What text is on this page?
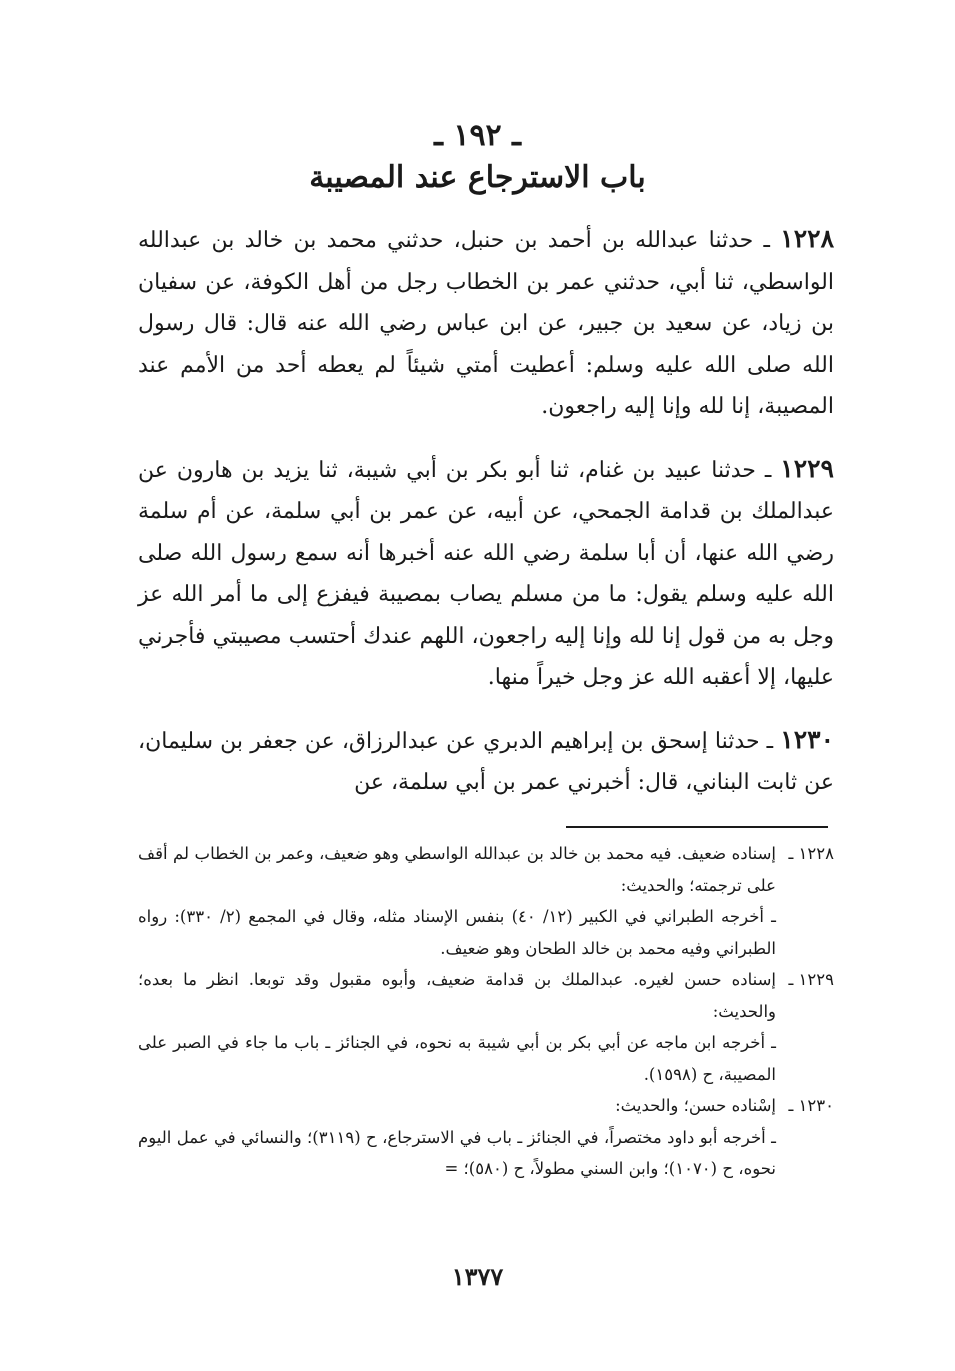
ـ ١٩٢ ـ
باب الاسترجاع عند المصيبة

١٢٢٨ ـ حدثنا عبدالله بن أحمد بن حنبل، حدثني محمد بن خالد بن عبدالله الواسطي، ثنا أبي، حدثني عمر بن الخطاب رجل من أهل الكوفة، عن سفيان بن زياد، عن سعيد بن جبير، عن ابن عباس رضي الله عنه قال: قال رسول الله صلى الله عليه وسلم: أعطيت أمتي شيئاً لم يعطه أحد من الأمم عند المصيبة، إنا لله وإنا إليه راجعون.

١٢٢٩ ـ حدثنا عبيد بن غنام، ثنا أبو بكر بن أبي شيبة، ثنا يزيد بن هارون عن عبدالملك بن قدامة الجمحي، عن أبيه، عن عمر بن أبي سلمة، عن أم سلمة رضي الله عنها، أن أبا سلمة رضي الله عنه أخبرها أنه سمع رسول الله صلى الله عليه وسلم يقول: ما من مسلم يصاب بمصيبة فيفزع إلى ما أمر الله عز وجل به من قول إنا لله وإنا إليه راجعون، اللهم عندك أحتسب مصيبتي فأجرني عليها، إلا أعقبه الله عز وجل خيراً منها.

١٢٣٠ ـ حدثنا إسحق بن إبراهيم الدبري عن عبدالرزاق، عن جعفر بن سليمان، عن ثابت البناني، قال: أخبرني عمر بن أبي سلمة، عن

١٢٢٨ ـ
إسناده ضعيف. فيه محمد بن خالد بن عبدالله الواسطي وهو ضعيف، وعمر بن الخطاب لم أقف على ترجمته؛ والحديث:
ـ أخرجه الطبراني في الكبير (١٢/ ٤٠) بنفس الإسناد مثله، وقال في المجمع (٢/ ٣٣٠): رواه الطبراني وفيه محمد بن خالد الطحان وهو ضعيف.
١٢٢٩ ـ
إسناده حسن لغيره. عبدالملك بن قدامة ضعيف، وأبوه مقبول وقد توبعا. انظر ما بعده؛ والحديث:
ـ أخرجه ابن ماجه عن أبي بكر بن أبي شيبة به نحوه، في الجنائز ـ باب ما جاء في الصبر على المصيبة، ح (١٥٩٨).
١٢٣٠ ـ
إسْناده حسن؛ والحديث:
ـ أخرجه أبو داود مختصراً، في الجنائز ـ باب في الاسترجاع، ح (٣١١٩)؛ والنسائي في عمل اليوم نحوه، ح (١٠٧٠)؛ وابن السني مطولاً، ح (٥٨٠)؛ =
١٣٧٧
